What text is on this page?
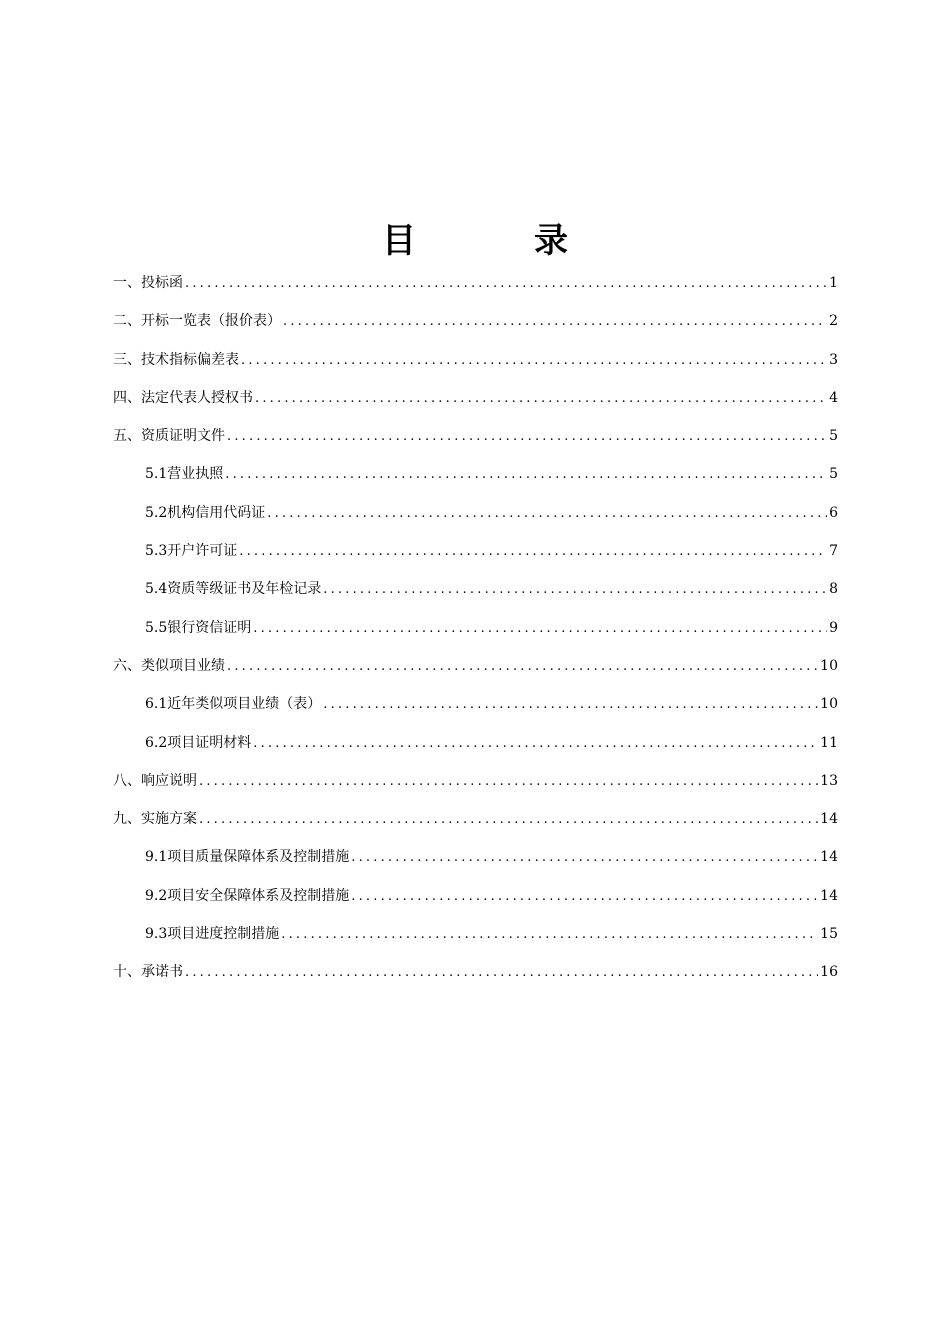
目　录
一、投标函 .....	1
二、开标一览表（报价表） .....	2
三、技术指标偏差表 .....	3
四、法定代表人授权书 .....	4
五、资质证明文件 .....	5
5.1营业执照 .....	5
5.2机构信用代码证 .....	6
5.3开户许可证 .....	7
5.4资质等级证书及年检记录 .....	8
5.5银行资信证明 .....	9
六、类似项目业绩 .....	10
6.1近年类似项目业绩（表） .....	10
6.2项目证明材料 .....	11
八、响应说明 .....	13
九、实施方案 .....	14
9.1项目质量保障体系及控制措施 .....	14
9.2项目安全保障体系及控制措施 .....	14
9.3项目进度控制措施 .....	15
十、承诺书 .....	16
